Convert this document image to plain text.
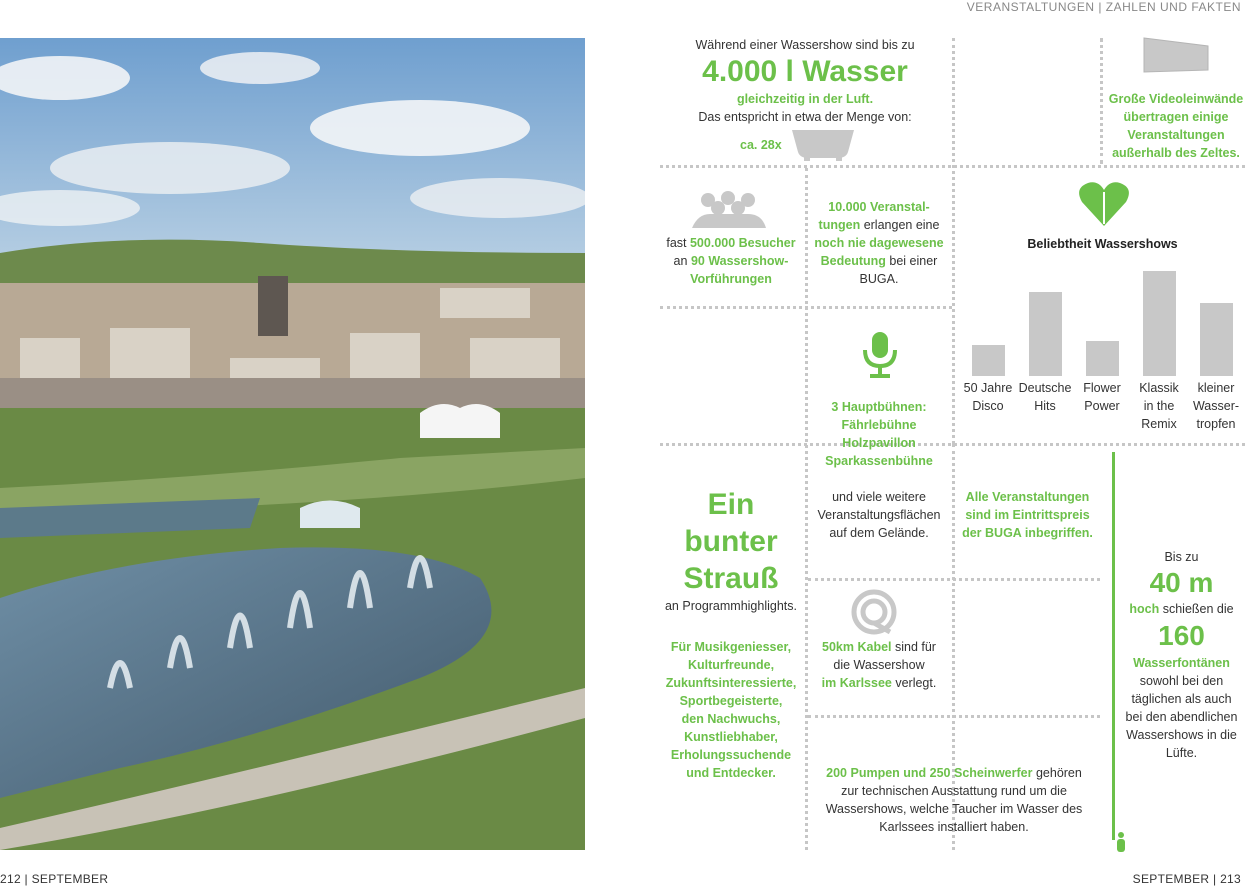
VERANSTALTUNGEN | ZAHLEN UND FAKTEN
212 | SEPTEMBER	SEPTEMBER | 213
Während einer Wassershow sind bis zu
4.000 l Wasser
gleichzeitig in der Luft.
Das entspricht in etwa der Menge von:
ca. 28x
Große Videoleinwände
übertragen einige
Veranstaltungen
außerhalb des Zeltes.
fast 500.000 Besucher
an 90 Wassershow-
Vorführungen
10.000 Veranstal-
tungen erlangen eine
noch nie dagewesene
Bedeutung bei einer
BUGA.
Beliebtheit Wassershows
50 Jahre
Disco
Deutsche
Hits
Flower
Power
Klassik
in the
Remix
kleiner
Wasser-
tropfen
3 Hauptbühnen:
Fährlebühne
Holzpavillon
Sparkassenbühne
und viele weitere
Veranstaltungsflächen
auf dem Gelände.
Alle Veranstaltungen
sind im Eintrittspreis
der BUGA inbegriffen.
Ein
bunter
Strauß
an Programmhighlights.
Für Musikgeniesser,
Kulturfreunde,
Zukunftsinteressierte,
Sportbegeisterte,
den Nachwuchs,
Kunstliebhaber,
Erholungssuchende
und Entdecker.
50km Kabel sind für
die Wassershow
im Karlssee verlegt.
200 Pumpen und 250 Scheinwerfer gehören
zur technischen Ausstattung rund um die
Wassershows, welche Taucher im Wasser des
Karlssees installiert haben.
Bis zu
40 m
hoch schießen die
160
Wasserfontänen
sowohl bei den
täglichen als auch
bei den abendlichen
Wassershows in die
Lüfte.
